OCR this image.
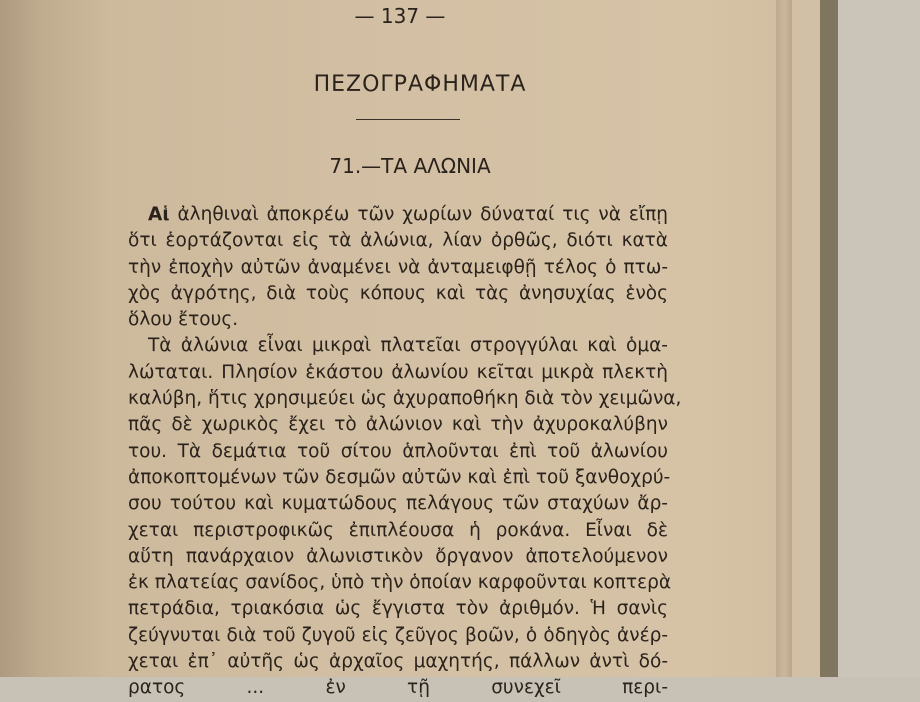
— 137 —
ΠΕΖΟΓΡΑΦΗΜΑΤΑ
71.—ΤΑ ΑΛΩΝΙΑ
Αἱ ἀληθιναὶ ἀποκρέω τῶν χωρίων δύναταί τις νὰ εἴπῃ
ὅτι ἑορτάζονται εἰς τὰ ἀλώνια, λίαν ὀρθῶς, διότι κατὰ
τὴν ἐποχὴν αὐτῶν ἀναμένει νὰ ἀνταμειφθῇ τέλος ὁ πτω-
χὸς ἀγρότης, διὰ τοὺς κόπους καὶ τὰς ἀνησυχίας ἑνὸς
ὅλου ἔτους.
Τὰ ἀλώνια εἶναι μικραὶ πλατεῖαι στρογγύλαι καὶ ὁμα-
λώταται. Πλησίον ἑκάστου ἀλωνίου κεῖται μικρὰ πλεκτὴ
καλύβη, ἥτις χρησιμεύει ὡς ἀχυραποθήκη διὰ τὸν χειμῶνα,
πᾶς δὲ χωρικὸς ἔχει τὸ ἀλώνιον καὶ τὴν ἀχυροκαλύβην
του. Τὰ δεμάτια τοῦ σίτου ἁπλοῦνται ἐπὶ τοῦ ἀλωνίου
ἀποκοπτομένων τῶν δεσμῶν αὐτῶν καὶ ἐπὶ τοῦ ξανθοχρύ-
σου τούτου καὶ κυματώδους πελάγους τῶν σταχύων ἄρ-
χεται περιστροφικῶς ἐπιπλέουσα ἡ ροκάνα. Εἶναι δὲ
αὕτη πανάρχαιον ἀλωνιστικὸν ὄργανον ἀποτελούμενον
ἐκ πλατείας σανίδος, ὑπὸ τὴν ὁποίαν καρφοῦνται κοπτερὰ
πετράδια, τριακόσια ὡς ἔγγιστα τὸν ἀριθμόν. Ἡ σανὶς
ζεύγνυται διὰ τοῦ ζυγοῦ εἰς ζεῦγος βοῶν, ὁ ὁδηγὸς ἀνέρ-
χεται ἐπ᾽ αὐτῆς ὡς ἀρχαῖος μαχητής, πάλλων ἀντὶ δό-
ρατος ... ἐν τῇ συνεχεῖ περι-
